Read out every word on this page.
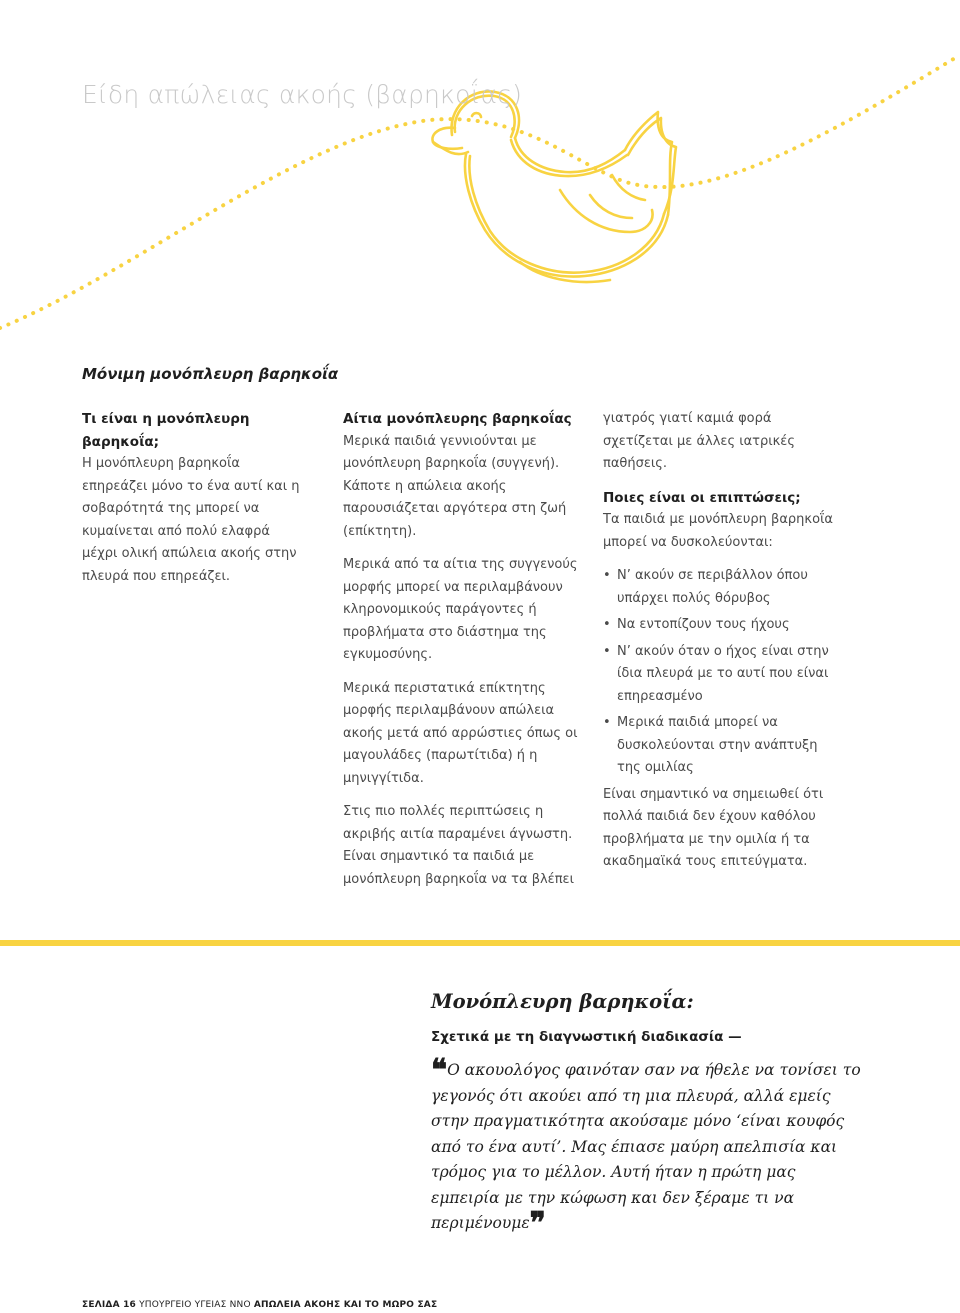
Είδη απώλειας ακοής (βαρηκοΐας)
Μόνιμη μονόπλευρη βαρηκοΐα
Τι είναι η μονόπλευρη βαρηκοΐα;

Η μονόπλευρη βαρηκοΐα επηρεάζει μόνο το ένα αυτί και η σοβαρότητά της μπορεί να κυμαίνεται από πολύ ελαφρά μέχρι ολική απώλεια ακοής στην πλευρά που επηρεάζει.

Αίτια μονόπλευρης βαρηκοΐας

Μερικά παιδιά γεννιούνται με μονόπλευρη βαρηκοΐα (συγγενή). Κάποτε η απώλεια ακοής παρουσιάζεται αργότερα στη ζωή (επίκτητη).

Μερικά από τα αίτια της συγγενούς μορφής μπορεί να περιλαμβάνουν κληρονομικούς παράγοντες ή προβλήματα στο διάστημα της εγκυμοσύνης.

Μερικά περιστατικά επίκτητης μορφής περιλαμβάνουν απώλεια ακοής μετά από αρρώστιες όπως οι μαγουλάδες (παρωτίτιδα) ή η μηνιγγίτιδα.

Στις πιο πολλές περιπτώσεις η ακριβής αιτία παραμένει άγνωστη. Είναι σημαντικό τα παιδιά με μονόπλευρη βαρηκοΐα να τα βλέπει

γιατρός γιατί καμιά φορά σχετίζεται με άλλες ιατρικές παθήσεις.

Ποιες είναι οι επιπτώσεις;

Τα παιδιά με μονόπλευρη βαρηκοΐα μπορεί να δυσκολεύονται:

• Ν’ ακούν σε περιβάλλον όπου υπάρχει πολύς θόρυβος
• Να εντοπίζουν τους ήχους
• Ν’ ακούν όταν ο ήχος είναι στην ίδια πλευρά με το αυτί που είναι επηρεασμένο
• Μερικά παιδιά μπορεί να δυσκολεύονται στην ανάπτυξη της ομιλίας

Είναι σημαντικό να σημειωθεί ότι πολλά παιδιά δεν έχουν καθόλου προβλήματα με την ομιλία ή τα ακαδημαϊκά τους επιτεύγματα.

Μονόπλευρη βαρηκοΐα:
Σχετικά με τη διαγνωστική διαδικασία —
❝Ο ακουολόγος φαινόταν σαν να ήθελε να τονίσει το γεγονός ότι ακούει από τη μια πλευρά, αλλά εμείς στην πραγματικότητα ακούσαμε μόνο ‘είναι κουφός από το ένα αυτί’. Μας έπιασε μαύρη απελπισία και τρόμος για το μέλλον. Αυτή ήταν η πρώτη μας εμπειρία με την κώφωση και δεν ξέραμε τι να περιμένουμε❞
ΣΕΛΙΔΑ 16 ΥΠΟΥΡΓΕΙΟ ΥΓΕΙΑΣ ΝΝΟ ΑΠΩΛΕΙΑ ΑΚΟΗΣ ΚΑΙ ΤΟ ΜΩΡΟ ΣΑΣ
